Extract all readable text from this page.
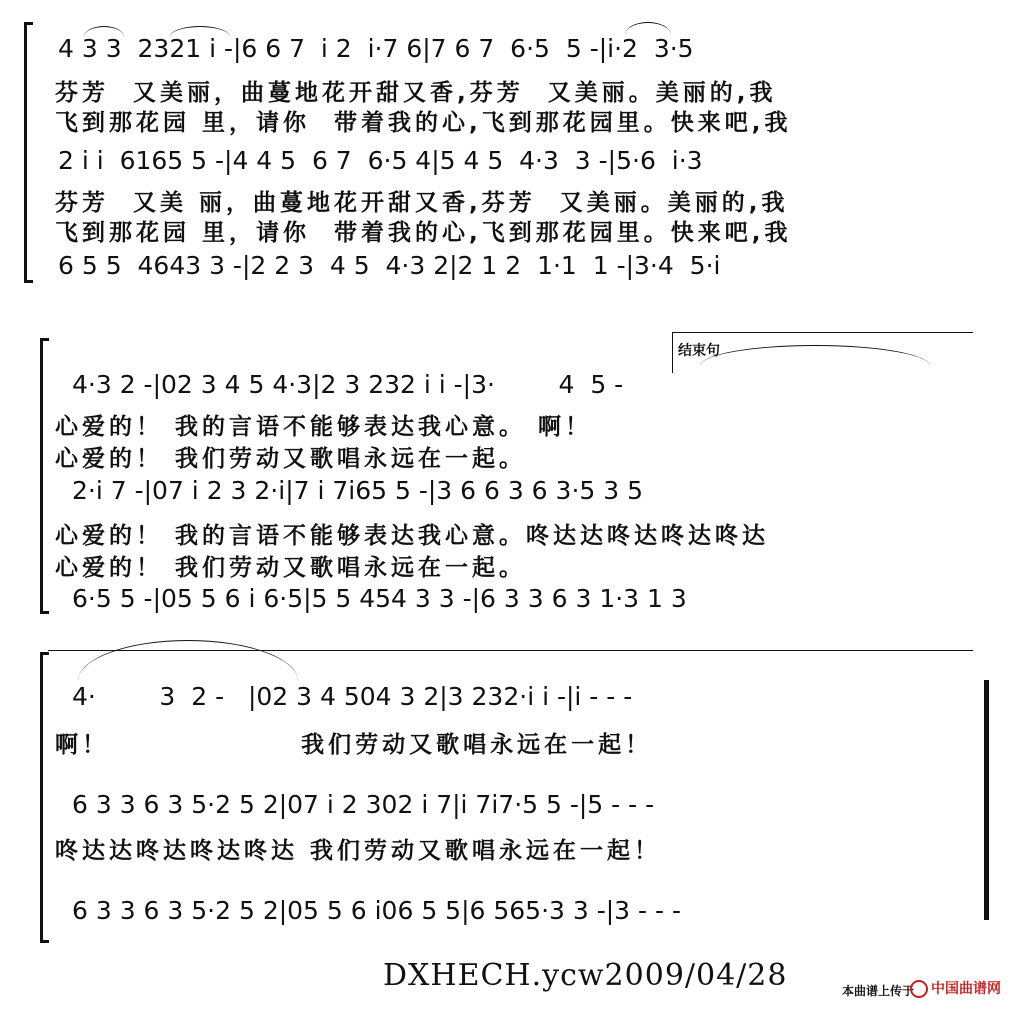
4 3 3  2321 i -|6 6 7  i 2  i·7 6|7 6 7  6·5  5 -|i·2  3·5
芬芳  又美丽，曲蔓地花开甜又香,芬芳  又美丽。美丽的,我
飞到那花园 里，请你  带着我的心,飞到那花园里。快来吧,我
2 i i  6165 5 -|4 4 5  6 7  6·5 4|5 4 5  4·3  3 -|5·6  i·3
芬芳  又美 丽，曲蔓地花开甜又香,芬芳  又美丽。美丽的,我
飞到那花园 里，请你  带着我的心,飞到那花园里。快来吧,我
6 5 5  4643 3 -|2 2 3  4 5  4·3 2|2 1 2  1·1  1 -|3·4  5·i
结束句
4·3 2 -|02 3 4 5 4·3|2 3 232 i i -|3·        4  5 -
心爱的！ 我的言语不能够表达我心意。 啊！
心爱的！ 我们劳动又歌唱永远在一起。
2·i 7 -|07 i 2 3 2·i|7 i 7i65 5 -|3 6 6 3 6 3·5 3 5
心爱的！ 我的言语不能够表达我心意。咚达达咚达咚达咚达
心爱的！ 我们劳动又歌唱永远在一起。
6·5 5 -|05 5 6 i 6·5|5 5 454 3 3 -|6 3 3 6 3 1·3 1 3
4·        3  2 -   |02 3 4 504 3 2|3 232·i i -|i - - -
啊！                我们劳动又歌唱永远在一起！
6 3 3 6 3 5·2 5 2|07 i 2 302 i 7|i 7i7·5 5 -|5 - - -
咚达达咚达咚达咚达 我们劳动又歌唱永远在一起！
6 3 3 6 3 5·2 5 2|05 5 6 i06 5 5|6 565·3 3 -|3 - - -
DXHECH.ycw2009/04/28	本曲谱上传于	中国曲谱网
